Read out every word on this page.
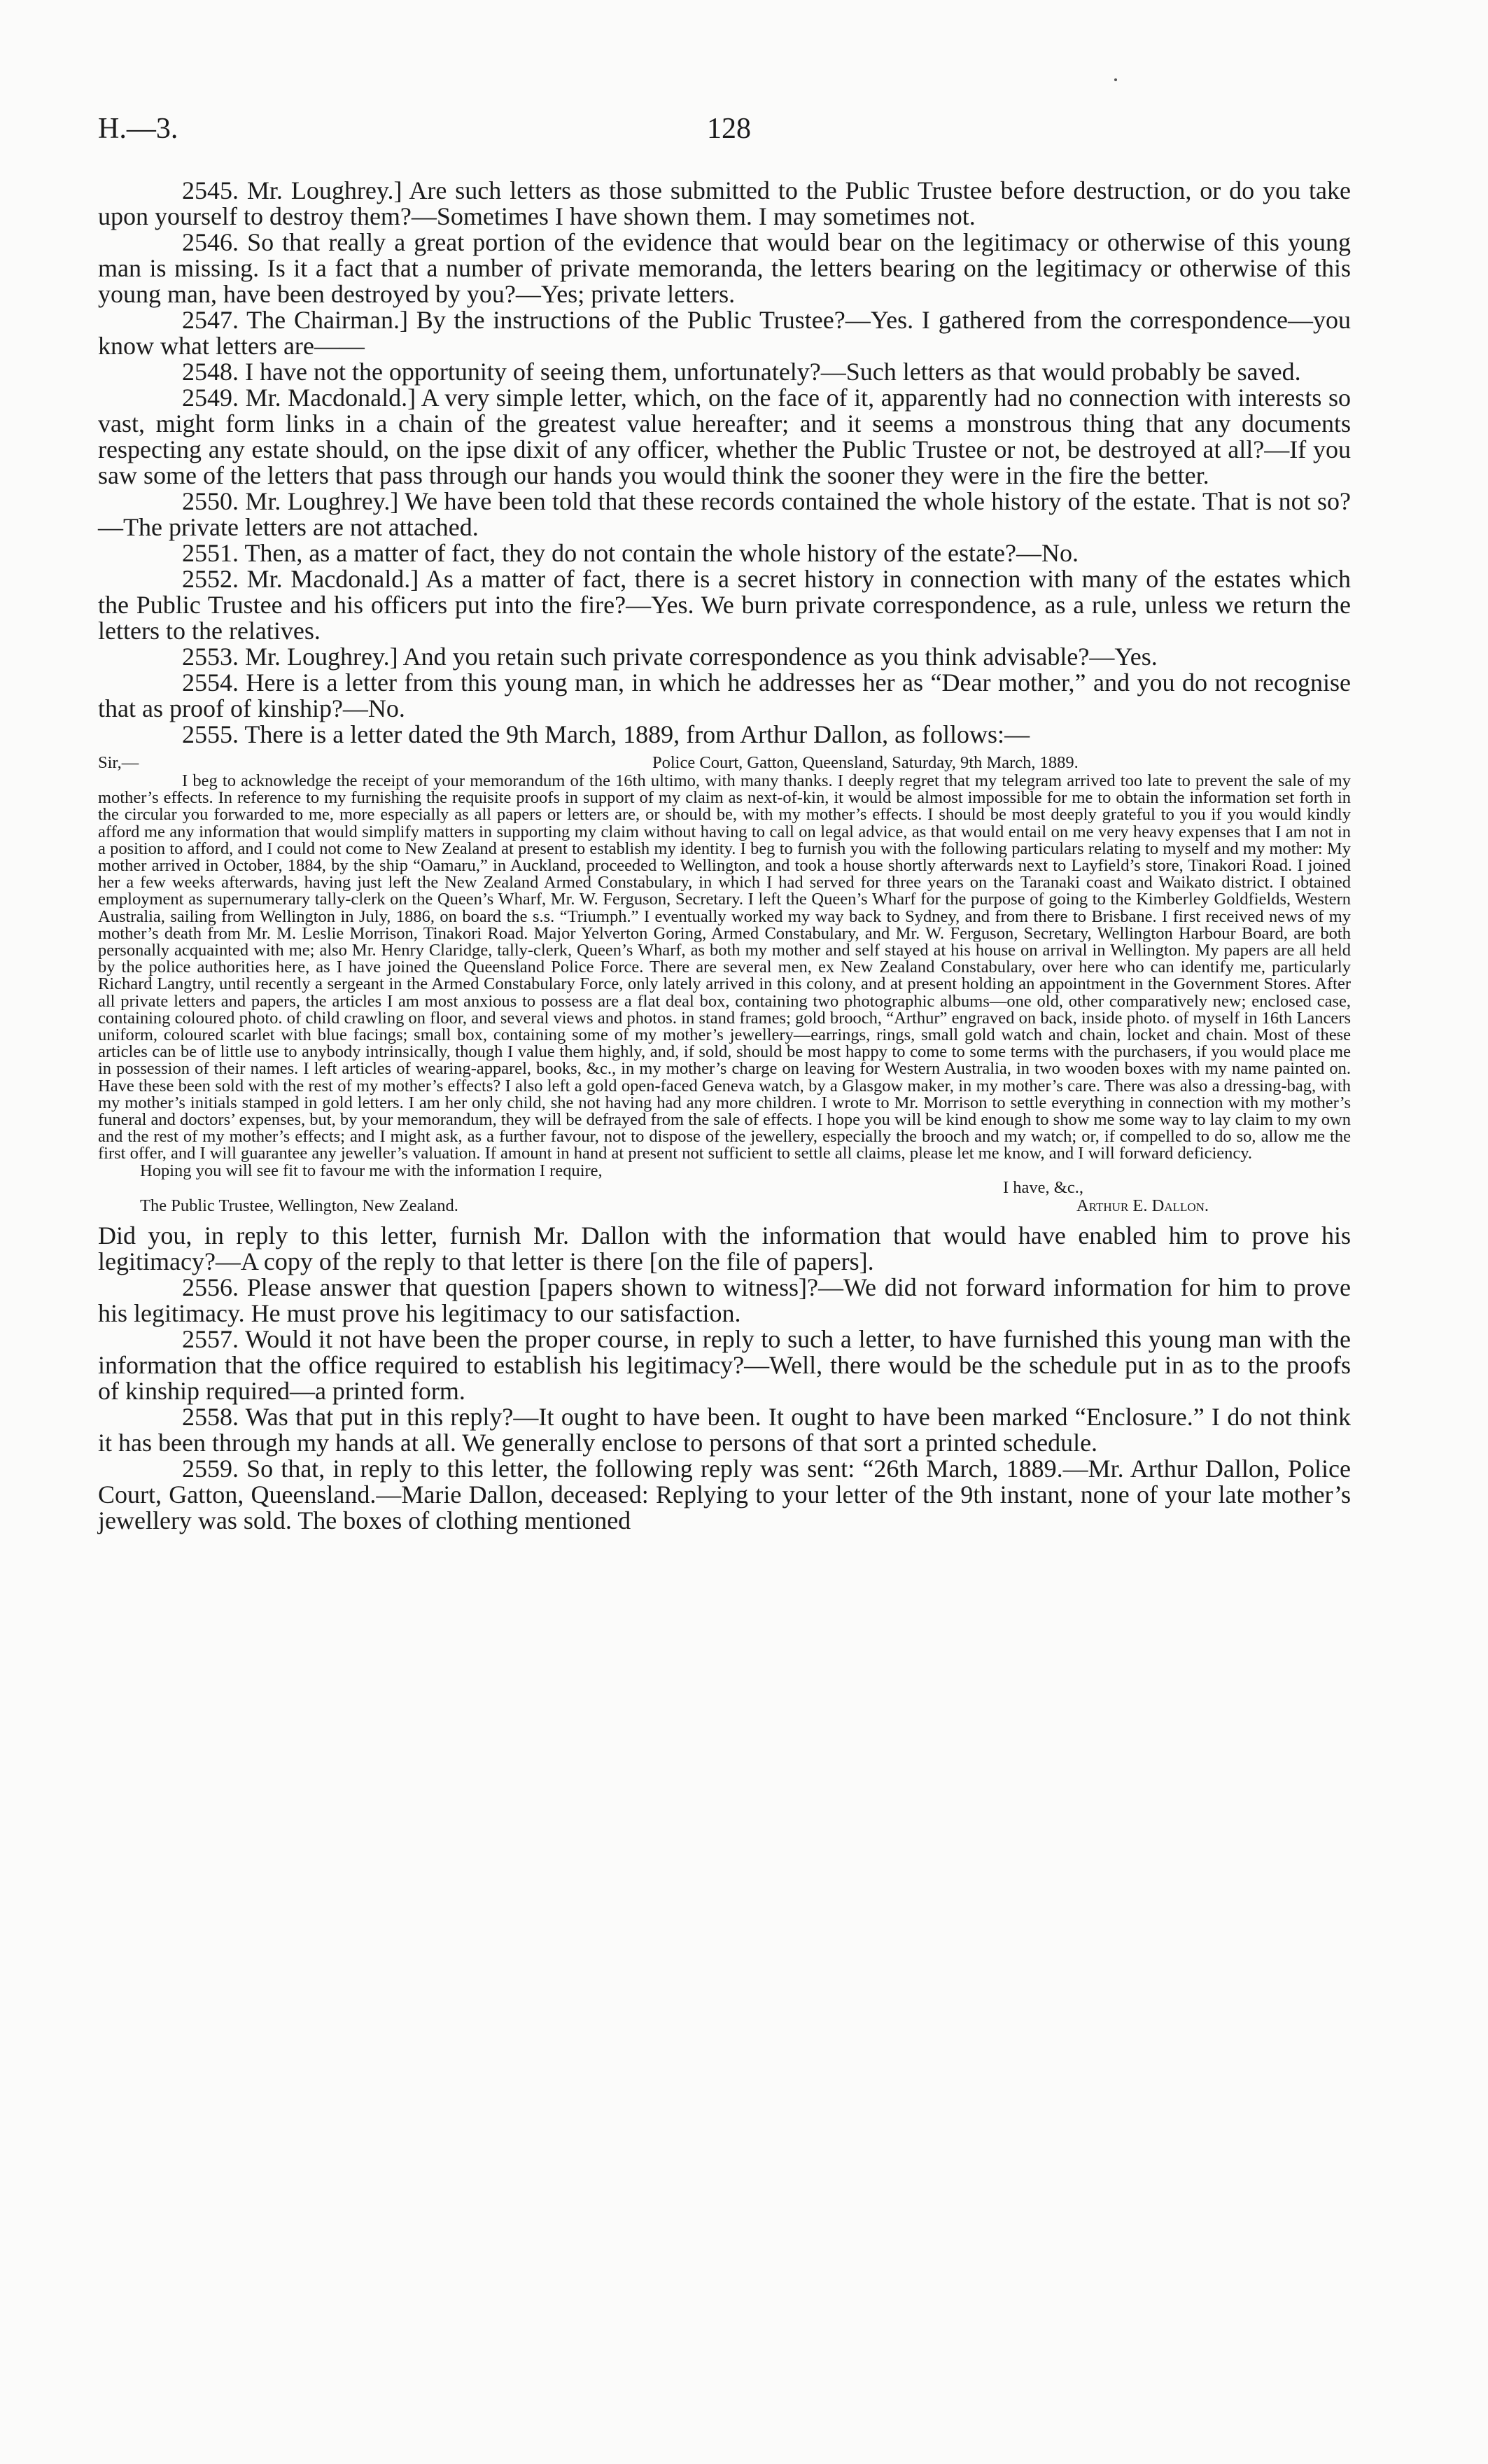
H.—3.	128

2545. Mr. Loughrey.] Are such letters as those submitted to the Public Trustee before destruction, or do you take upon yourself to destroy them?—Sometimes I have shown them. I may sometimes not.

2546. So that really a great portion of the evidence that would bear on the legitimacy or otherwise of this young man is missing. Is it a fact that a number of private memoranda, the letters bearing on the legitimacy or otherwise of this young man, have been destroyed by you?—Yes; private letters.

2547. The Chairman.] By the instructions of the Public Trustee?—Yes. I gathered from the correspondence—you know what letters are——

2548. I have not the opportunity of seeing them, unfortunately?—Such letters as that would probably be saved.

2549. Mr. Macdonald.] A very simple letter, which, on the face of it, apparently had no connection with interests so vast, might form links in a chain of the greatest value hereafter; and it seems a monstrous thing that any documents respecting any estate should, on the ipse dixit of any officer, whether the Public Trustee or not, be destroyed at all?—If you saw some of the letters that pass through our hands you would think the sooner they were in the fire the better.

2550. Mr. Loughrey.] We have been told that these records contained the whole history of the estate. That is not so?—The private letters are not attached.

2551. Then, as a matter of fact, they do not contain the whole history of the estate?—No.

2552. Mr. Macdonald.] As a matter of fact, there is a secret history in connection with many of the estates which the Public Trustee and his officers put into the fire?—Yes. We burn private correspondence, as a rule, unless we return the letters to the relatives.

2553. Mr. Loughrey.] And you retain such private correspondence as you think advisable?—Yes.

2554. Here is a letter from this young man, in which he addresses her as “Dear mother,” and you do not recognise that as proof of kinship?—No.

2555. There is a letter dated the 9th March, 1889, from Arthur Dallon, as follows:—

Sir,—	Police Court, Gatton, Queensland, Saturday, 9th March, 1889.

I beg to acknowledge the receipt of your memorandum of the 16th ultimo, with many thanks. I deeply regret that my telegram arrived too late to prevent the sale of my mother’s effects. In reference to my furnishing the requisite proofs in support of my claim as next-of-kin, it would be almost impossible for me to obtain the information set forth in the circular you forwarded to me, more especially as all papers or letters are, or should be, with my mother’s effects. I should be most deeply grateful to you if you would kindly afford me any information that would simplify matters in supporting my claim without having to call on legal advice, as that would entail on me very heavy expenses that I am not in a position to afford, and I could not come to New Zealand at present to establish my identity. I beg to furnish you with the following particulars relating to myself and my mother: My mother arrived in October, 1884, by the ship “Oamaru,” in Auckland, proceeded to Wellington, and took a house shortly afterwards next to Layfield’s store, Tinakori Road. I joined her a few weeks afterwards, having just left the New Zealand Armed Constabulary, in which I had served for three years on the Taranaki coast and Waikato district. I obtained employment as supernumerary tally-clerk on the Queen’s Wharf, Mr. W. Ferguson, Secretary. I left the Queen’s Wharf for the purpose of going to the Kimberley Goldfields, Western Australia, sailing from Wellington in July, 1886, on board the s.s. “Triumph.” I eventually worked my way back to Sydney, and from there to Brisbane. I first received news of my mother’s death from Mr. M. Leslie Morrison, Tinakori Road. Major Yelverton Goring, Armed Constabulary, and Mr. W. Ferguson, Secretary, Wellington Harbour Board, are both personally acquainted with me; also Mr. Henry Claridge, tally-clerk, Queen’s Wharf, as both my mother and self stayed at his house on arrival in Wellington. My papers are all held by the police authorities here, as I have joined the Queensland Police Force. There are several men, ex New Zealand Constabulary, over here who can identify me, particularly Richard Langtry, until recently a sergeant in the Armed Constabulary Force, only lately arrived in this colony, and at present holding an appointment in the Government Stores. After all private letters and papers, the articles I am most anxious to possess are a flat deal box, containing two photographic albums—one old, other comparatively new; enclosed case, containing coloured photo. of child crawling on floor, and several views and photos. in stand frames; gold brooch, “Arthur” engraved on back, inside photo. of myself in 16th Lancers uniform, coloured scarlet with blue facings; small box, containing some of my mother’s jewellery—earrings, rings, small gold watch and chain, locket and chain. Most of these articles can be of little use to anybody intrinsically, though I value them highly, and, if sold, should be most happy to come to some terms with the purchasers, if you would place me in possession of their names. I left articles of wearing-apparel, books, &c., in my mother’s charge on leaving for Western Australia, in two wooden boxes with my name painted on. Have these been sold with the rest of my mother’s effects? I also left a gold open-faced Geneva watch, by a Glasgow maker, in my mother’s care. There was also a dressing-bag, with my mother’s initials stamped in gold letters. I am her only child, she not having had any more children. I wrote to Mr. Morrison to settle everything in connection with my mother’s funeral and doctors’ expenses, but, by your memorandum, they will be defrayed from the sale of effects. I hope you will be kind enough to show me some way to lay claim to my own and the rest of my mother’s effects; and I might ask, as a further favour, not to dispose of the jewellery, especially the brooch and my watch; or, if compelled to do so, allow me the first offer, and I will guarantee any jeweller’s valuation. If amount in hand at present not sufficient to settle all claims, please let me know, and I will forward deficiency.

Hoping you will see fit to favour me with the information I require,

I have, &c.,
The Public Trustee, Wellington, New Zealand.	Arthur E. Dallon.

Did you, in reply to this letter, furnish Mr. Dallon with the information that would have enabled him to prove his legitimacy?—A copy of the reply to that letter is there [on the file of papers].

2556. Please answer that question [papers shown to witness]?—We did not forward information for him to prove his legitimacy. He must prove his legitimacy to our satisfaction.

2557. Would it not have been the proper course, in reply to such a letter, to have furnished this young man with the information that the office required to establish his legitimacy?—Well, there would be the schedule put in as to the proofs of kinship required—a printed form.

2558. Was that put in this reply?—It ought to have been. It ought to have been marked “Enclosure.” I do not think it has been through my hands at all. We generally enclose to persons of that sort a printed schedule.

2559. So that, in reply to this letter, the following reply was sent: “26th March, 1889.—Mr. Arthur Dallon, Police Court, Gatton, Queensland.—Marie Dallon, deceased: Replying to your letter of the 9th instant, none of your late mother’s jewellery was sold. The boxes of clothing mentioned
